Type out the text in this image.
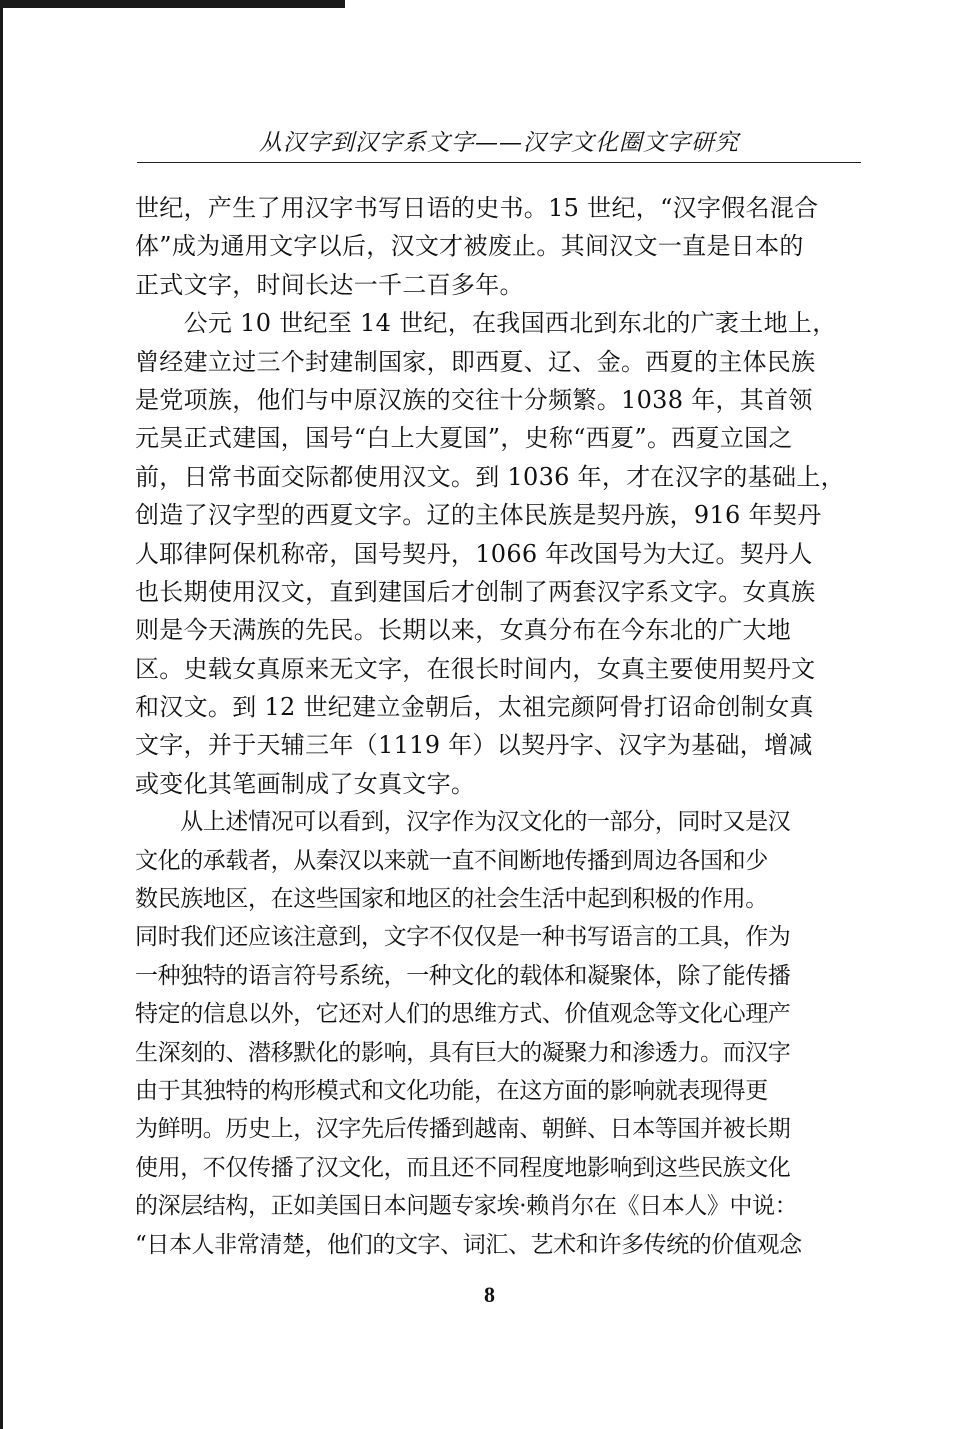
从汉字到汉字系文字——汉字文化圈文字研究
世纪，产生了用汉字书写日语的史书。15 世纪，“汉字假名混合
体”成为通用文字以后，汉文才被废止。其间汉文一直是日本的
正式文字，时间长达一千二百多年。
　　公元 10 世纪至 14 世纪，在我国西北到东北的广袤土地上，
曾经建立过三个封建制国家，即西夏、辽、金。西夏的主体民族
是党项族，他们与中原汉族的交往十分频繁。1038 年，其首领
元昊正式建国，国号“白上大夏国”，史称“西夏”。西夏立国之
前，日常书面交际都使用汉文。到 1036 年，才在汉字的基础上，
创造了汉字型的西夏文字。辽的主体民族是契丹族，916 年契丹
人耶律阿保机称帝，国号契丹，1066 年改国号为大辽。契丹人
也长期使用汉文，直到建国后才创制了两套汉字系文字。女真族
则是今天满族的先民。长期以来，女真分布在今东北的广大地
区。史载女真原来无文字，在很长时间内，女真主要使用契丹文
和汉文。到 12 世纪建立金朝后，太祖完颜阿骨打诏命创制女真
文字，并于天辅三年（1119 年）以契丹字、汉字为基础，增减
或变化其笔画制成了女真文字。
　　从上述情况可以看到，汉字作为汉文化的一部分，同时又是汉
文化的承载者，从秦汉以来就一直不间断地传播到周边各国和少
数民族地区，在这些国家和地区的社会生活中起到积极的作用。
同时我们还应该注意到，文字不仅仅是一种书写语言的工具，作为
一种独特的语言符号系统，一种文化的载体和凝聚体，除了能传播
特定的信息以外，它还对人们的思维方式、价值观念等文化心理产
生深刻的、潜移默化的影响，具有巨大的凝聚力和渗透力。而汉字
由于其独特的构形模式和文化功能，在这方面的影响就表现得更
为鲜明。历史上，汉字先后传播到越南、朝鲜、日本等国并被长期
使用，不仅传播了汉文化，而且还不同程度地影响到这些民族文化
的深层结构，正如美国日本问题专家埃·赖肖尔在《日本人》中说：
“日本人非常清楚，他们的文字、词汇、艺术和许多传统的价值观念
8
